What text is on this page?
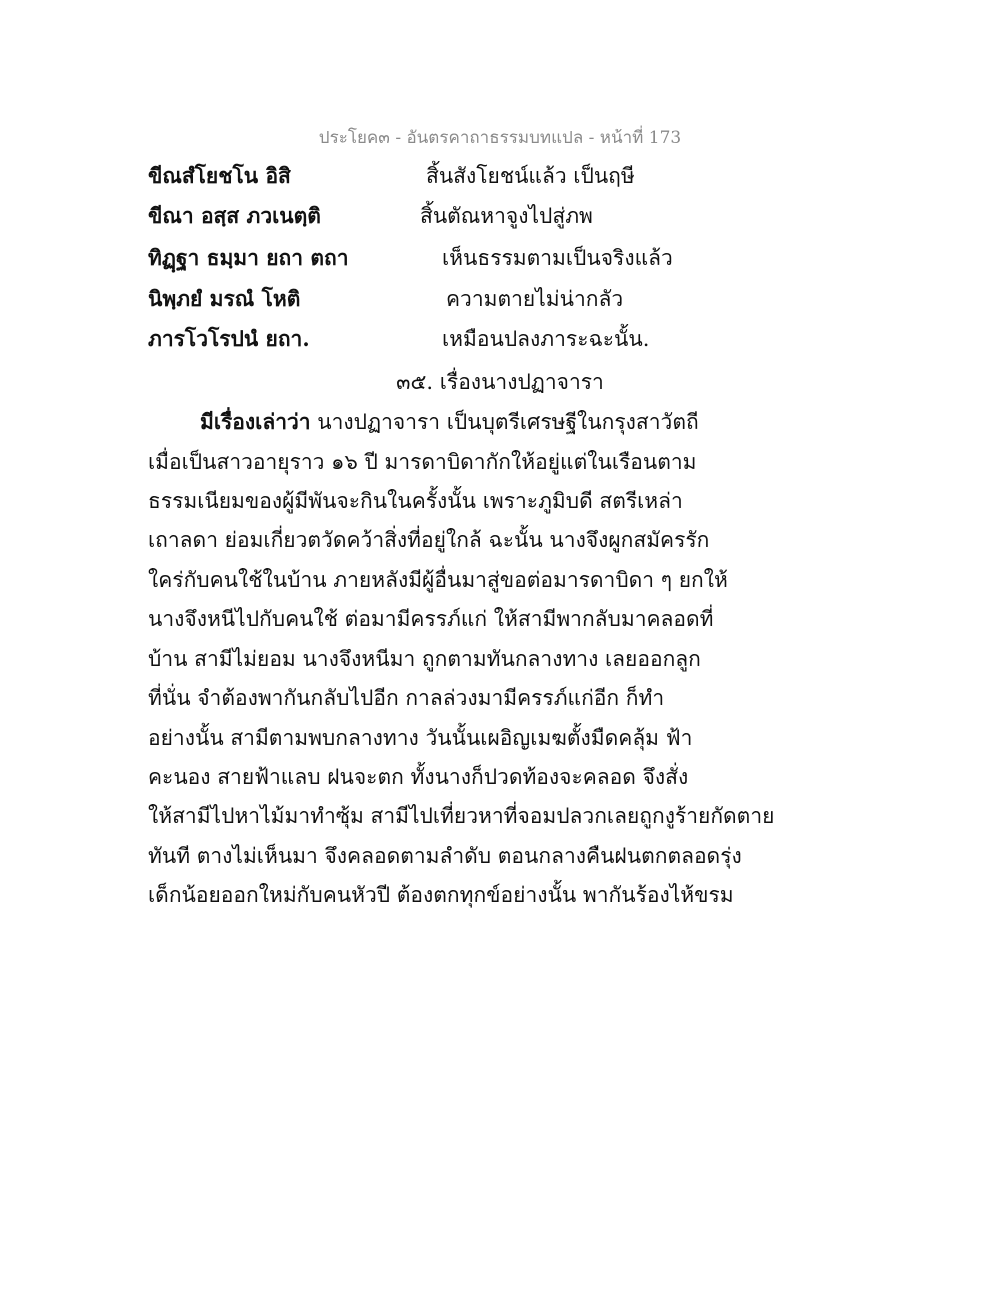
ประโยค๓ - อันตรคาถาธรรมบทแปล - หน้าที่ 173
ขีณสํโยชโน อิสิ	สิ้นสังโยชน์แล้ว เป็นฤษี
ขีณา อสฺส ภวเนตฺติ	สิ้นตัณหาจูงไปสู่ภพ
ทิฏฺฐา ธมฺมา ยถา ตถา	เห็นธรรมตามเป็นจริงแล้ว
นิพฺภยํ มรณํ โหติ	ความตายไม่น่ากลัว
ภารโวโรปนํ ยถา.	เหมือนปลงภาระฉะนั้น.
๓๕. เรื่องนางปฏาจารา
มีเรื่องเล่าว่า นางปฏาจารา เป็นบุตรีเศรษฐีในกรุงสาวัตถี
เมื่อเป็นสาวอายุราว ๑๖ ปี มารดาบิดากักให้อยู่แต่ในเรือนตาม
ธรรมเนียมของผู้มีพันจะกินในครั้งนั้น เพราะภูมิบดี สตรีเหล่า
เถาลดา ย่อมเกี่ยวตวัดคว้าสิ่งที่อยู่ใกล้ ฉะนั้น นางจึงผูกสมัครรัก
ใคร่กับคนใช้ในบ้าน ภายหลังมีผู้อื่นมาสู่ขอต่อมารดาบิดา ๆ ยกให้
นางจึงหนีไปกับคนใช้ ต่อมามีครรภ์แก่ ให้สามีพากลับมาคลอดที่
บ้าน สามีไม่ยอม นางจึงหนีมา ถูกตามทันกลางทาง เลยออกลูก
ที่นั่น จำต้องพากันกลับไปอีก กาลล่วงมามีครรภ์แก่อีก ก็ทำ
อย่างนั้น สามีตามพบกลางทาง วันนั้นเผอิญเมฆตั้งมืดคลุ้ม ฟ้า
คะนอง สายฟ้าแลบ ฝนจะตก ทั้งนางก็ปวดท้องจะคลอด จึงสั่ง
ให้สามีไปหาไม้มาทำซุ้ม สามีไปเที่ยวหาที่จอมปลวกเลยถูกงูร้ายกัดตาย
ทันที ตางไม่เห็นมา จึงคลอดตามลำดับ ตอนกลางคืนฝนตกตลอดรุ่ง
เด็กน้อยออกใหม่กับคนหัวปี ต้องตกทุกข์อย่างนั้น พากันร้องไห้ขรม
